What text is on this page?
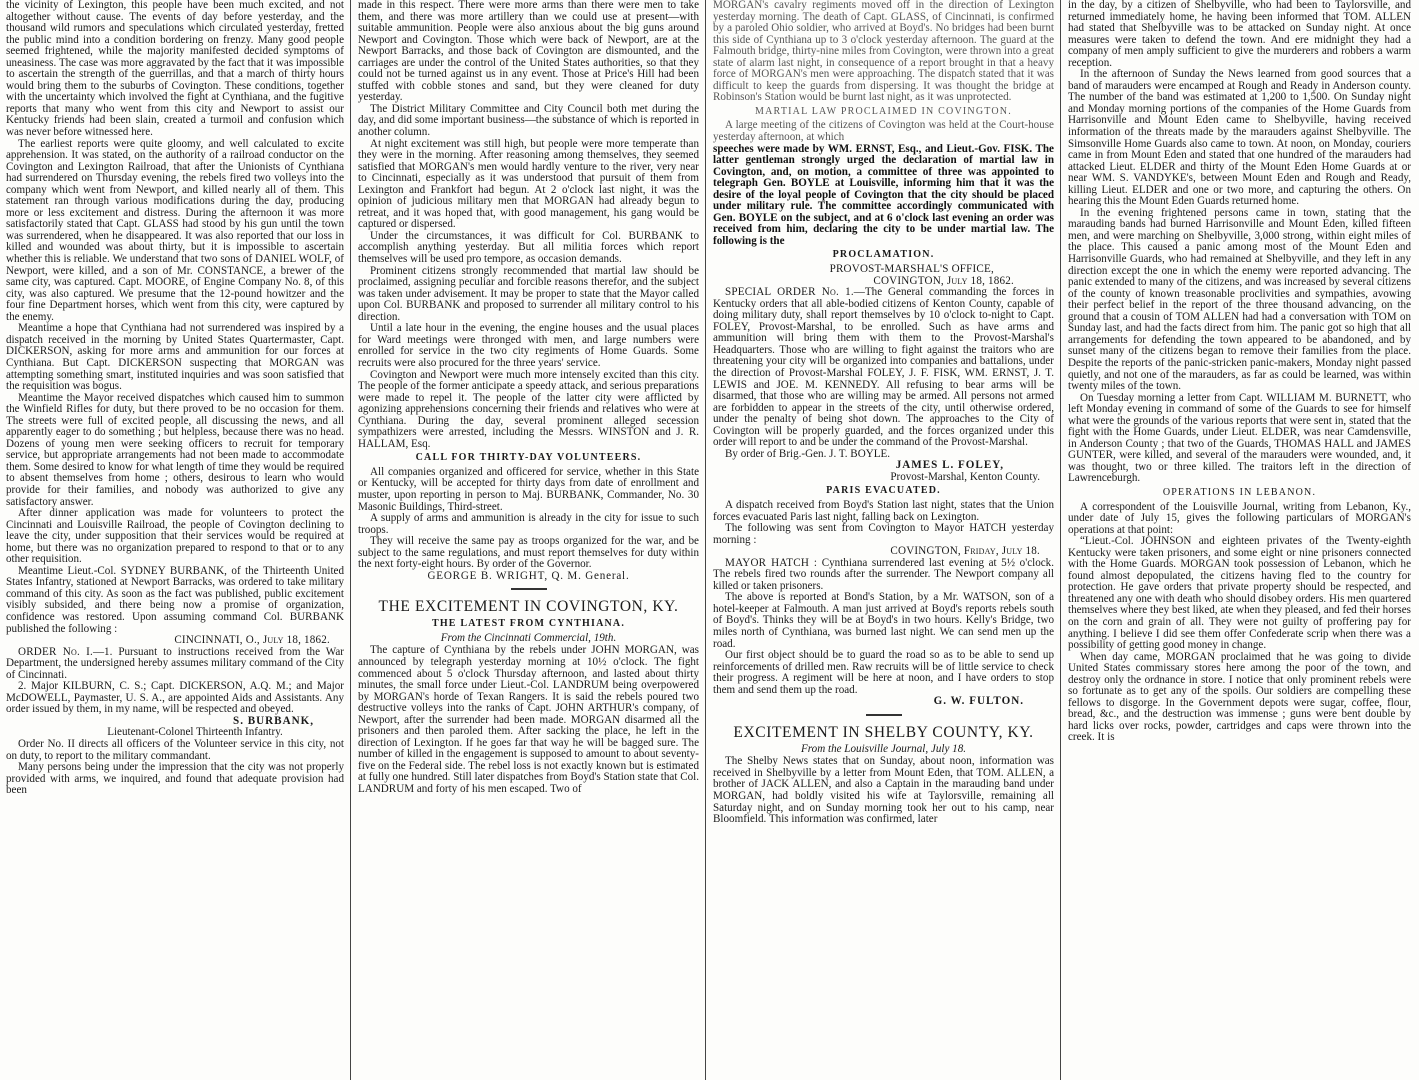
the vicinity of Lexington, this people have been much excited, and not altogether without cause. The events of day before yesterday, and the thousand wild rumors and speculations which circulated yesterday, fretted the public mind into a condition bordering on frenzy. Many good people seemed frightened, while the majority manifested decided symptoms of uneasiness. The case was more aggravated by the fact that it was impossible to ascertain the strength of the guerrillas, and that a march of thirty hours would bring them to the suburbs of Covington. These conditions, together with the uncertainty which involved the fight at Cynthiana, and the fugitive reports that many who went from this city and Newport to assist our Kentucky friends had been slain, created a turmoil and confusion which was never before witnessed here.

The earliest reports were quite gloomy, and well calculated to excite apprehension. It was stated, on the authority of a railroad conductor on the Covington and Lexington Railroad, that after the Unionists of Cynthiana had surrendered on Thursday evening, the rebels fired two volleys into the company which went from Newport, and killed nearly all of them. This statement ran through various modifications during the day, producing more or less excitement and distress. During the afternoon it was more satisfactorily stated that Capt. GLASS had stood by his gun until the town was surrendered, when he disappeared. It was also reported that our loss in killed and wounded was about thirty, but it is impossible to ascertain whether this is reliable. We understand that two sons of DANIEL WOLF, of Newport, were killed, and a son of Mr. CONSTANCE, a brewer of the same city, was captured. Capt. MOORE, of Engine Company No. 8, of this city, was also captured. We presume that the 12-pound howitzer and the four fine Department horses, which went from this city, were captured by the enemy.

Meantime a hope that Cynthiana had not surrendered was inspired by a dispatch received in the morning by United States Quartermaster, Capt. DICKERSON, asking for more arms and ammunition for our forces at Cynthiana. But Capt. DICKERSON suspecting that MORGAN was attempting something smart, instituted inquiries and was soon satisfied that the requisition was bogus.

Meantime the Mayor received dispatches which caused him to summon the Winfield Rifles for duty, but there proved to be no occasion for them. The streets were full of excited people, all discussing the news, and all apparently eager to do something ; but helpless, because there was no head. Dozens of young men were seeking officers to recruit for temporary service, but appropriate arrangements had not been made to accommodate them. Some desired to know for what length of time they would be required to absent themselves from home ; others, desirous to learn who would provide for their families, and nobody was authorized to give any satisfactory answer.

After dinner application was made for volunteers to protect the Cincinnati and Louisville Railroad, the people of Covington declining to leave the city, under supposition that their services would be required at home, but there was no organization prepared to respond to that or to any other requisition.

Meantime Lieut.-Col. SYDNEY BURBANK, of the Thirteenth United States Infantry, stationed at Newport Barracks, was ordered to take military command of this city. As soon as the fact was published, public excitement visibly subsided, and there being now a promise of organization, confidence was restored. Upon assuming command Col. BURBANK published the following :

CINCINNATI, O., July 18, 1862.

ORDER No. I.—1. Pursuant to instructions received from the War Department, the undersigned hereby assumes military command of the City of Cincinnati.

2. Major KILBURN, C. S.; Capt. DICKERSON, A.Q. M.; and Major McDOWELL, Paymaster, U. S. A., are appointed Aids and Assistants. Any order issued by them, in my name, will be respected and obeyed.

S. BURBANK,

Lieutenant-Colonel Thirteenth Infantry.

Order No. II directs all officers of the Volunteer service in this city, not on duty, to report to the military commandant.

Many persons being under the impression that the city was not properly provided with arms, we inquired, and found that adequate provision had been

made in this respect. There were more arms than there were men to take them, and there was more artillery than we could use at present—with suitable ammunition. People were also anxious about the big guns around Newport and Covington. Those which were back of Newport, are at the Newport Barracks, and those back of Covington are dismounted, and the carriages are under the control of the United States authorities, so that they could not be turned against us in any event. Those at Price's Hill had been stuffed with cobble stones and sand, but they were cleaned for duty yesterday.

The District Military Committee and City Council both met during the day, and did some important business—the substance of which is reported in another column.

At night excitement was still high, but people were more temperate than they were in the morning. After reasoning among themselves, they seemed satisfied that MORGAN's men would hardly venture to the river, very near to Cincinnati, especially as it was understood that pursuit of them from Lexington and Frankfort had begun. At 2 o'clock last night, it was the opinion of judicious military men that MORGAN had already begun to retreat, and it was hoped that, with good management, his gang would be captured or dispersed.

Under the circumstances, it was difficult for Col. BURBANK to accomplish anything yesterday. But all militia forces which report themselves will be used pro tempore, as occasion demands.

Prominent citizens strongly recommended that martial law should be proclaimed, assigning peculiar and forcible reasons therefor, and the subject was taken under advisement. It may be proper to state that the Mayor called upon Col. BURBANK and proposed to surrender all military control to his direction.

Until a late hour in the evening, the engine houses and the usual places for Ward meetings were thronged with men, and large numbers were enrolled for service in the two city regiments of Home Guards. Some recruits were also procured for the three years' service.

Covington and Newport were much more intensely excited than this city. The people of the former anticipate a speedy attack, and serious preparations were made to repel it. The people of the latter city were afflicted by agonizing apprehensions concerning their friends and relatives who were at Cynthiana. During the day, several prominent alleged secession sympathizers were arrested, including the Messrs. WINSTON and J. R. HALLAM, Esq.

CALL FOR THIRTY-DAY VOLUNTEERS.

All companies organized and officered for service, whether in this State or Kentucky, will be accepted for thirty days from date of enrollment and muster, upon reporting in person to Maj. BURBANK, Commander, No. 30 Masonic Buildings, Third-street.

A supply of arms and ammunition is already in the city for issue to such troops.

They will receive the same pay as troops organized for the war, and be subject to the same regulations, and must report themselves for duty within the next forty-eight hours. By order of the Governor.

GEORGE B. WRIGHT, Q. M. General.

THE EXCITEMENT IN COVINGTON, KY.

THE LATEST FROM CYNTHIANA.

From the Cincinnati Commercial, 19th.

The capture of Cynthiana by the rebels under JOHN MORGAN, was announced by telegraph yesterday morning at 10½ o'clock. The fight commenced about 5 o'clock Thursday afternoon, and lasted about thirty minutes, the small force under Lieut.-Col. LANDRUM being overpowered by MORGAN's horde of Texan Rangers. It is said the rebels poured two destructive volleys into the ranks of Capt. JOHN ARTHUR's company, of Newport, after the surrender had been made. MORGAN disarmed all the prisoners and then paroled them. After sacking the place, he left in the direction of Lexington. If he goes far that way he will be bagged sure. The number of killed in the engagement is supposed to amount to about seventy-five on the Federal side. The rebel loss is not exactly known but is estimated at fully one hundred. Still later dispatches from Boyd's Station state that Col. LANDRUM and forty of his men escaped. Two of

MORGAN's cavalry regiments moved off in the direction of Lexington yesterday morning. The death of Capt. GLASS, of Cincinnati, is confirmed by a paroled Ohio soldier, who arrived at Boyd's. No bridges had been burnt this side of Cynthiana up to 3 o'clock yesterday afternoon. The guard at the Falmouth bridge, thirty-nine miles from Covington, were thrown into a great state of alarm last night, in consequence of a report brought in that a heavy force of MORGAN's men were approaching. The dispatch stated that it was difficult to keep the guards from dispersing. It was thought the bridge at Robinson's Station would be burnt last night, as it was unprotected.

MARTIAL LAW PROCLAIMED IN COVINGTON.

A large meeting of the citizens of Covington was held at the Court-house yesterday afternoon, at which

speeches were made by WM. ERNST, Esq., and Lieut.-Gov. FISK. The latter gentleman strongly urged the declaration of martial law in Covington, and, on motion, a committee of three was appointed to telegraph Gen. BOYLE at Louisville, informing him that it was the desire of the loyal people of Covington that the city should be placed under military rule. The committee accordingly communicated with Gen. BOYLE on the subject, and at 6 o'clock last evening an order was received from him, declaring the city to be under martial law. The following is the

PROCLAMATION.

PROVOST-MARSHAL'S OFFICE,

COVINGTON, July 18, 1862.

SPECIAL ORDER No. 1.—The General commanding the forces in Kentucky orders that all able-bodied citizens of Kenton County, capable of doing military duty, shall report themselves by 10 o'clock to-night to Capt. FOLEY, Provost-Marshal, to be enrolled. Such as have arms and ammunition will bring them with them to the Provost-Marshal's Headquarters. Those who are willing to fight against the traitors who are threatening your city will be organized into companies and battalions, under the direction of Provost-Marshal FOLEY, J. F. FISK, WM. ERNST, J. T. LEWIS and JOE. M. KENNEDY. All refusing to bear arms will be disarmed, that those who are willing may be armed. All persons not armed are forbidden to appear in the streets of the city, until otherwise ordered, under the penalty of being shot down. The approaches to the City of Covington will be properly guarded, and the forces organized under this order will report to and be under the command of the Provost-Marshal.

By order of Brig.-Gen. J. T. BOYLE.

JAMES L. FOLEY,

Provost-Marshal, Kenton County.

PARIS EVACUATED.

A dispatch received from Boyd's Station last night, states that the Union forces evacuated Paris last night, falling back on Lexington.

The following was sent from Covington to Mayor HATCH yesterday morning :

COVINGTON, Friday, July 18.

MAYOR HATCH : Cynthiana surrendered last evening at 5½ o'clock. The rebels fired two rounds after the surrender. The Newport company all killed or taken prisoners.

The above is reported at Bond's Station, by a Mr. WATSON, son of a hotel-keeper at Falmouth. A man just arrived at Boyd's reports rebels south of Boyd's. Thinks they will be at Boyd's in two hours. Kelly's Bridge, two miles north of Cynthiana, was burned last night. We can send men up the road.

Our first object should be to guard the road so as to be able to send up reinforcements of drilled men. Raw recruits will be of little service to check their progress. A regiment will be here at noon, and I have orders to stop them and send them up the road.

G. W. FULTON.

EXCITEMENT IN SHELBY COUNTY, KY.

From the Louisville Journal, July 18.

The Shelby News states that on Sunday, about noon, information was received in Shelbyville by a letter from Mount Eden, that TOM. ALLEN, a brother of JACK ALLEN, and also a Captain in the marauding band under MORGAN, had boldly visited his wife at Taylorsville, remaining all Saturday night, and on Sunday morning took her out to his camp, near Bloomfield. This information was confirmed, later

in the day, by a citizen of Shelbyville, who had been to Taylorsville, and returned immediately home, he having been informed that TOM. ALLEN had stated that Shelbyville was to be attacked on Sunday night. At once measures were taken to defend the town. And ere midnight they had a company of men amply sufficient to give the murderers and robbers a warm reception.

In the afternoon of Sunday the News learned from good sources that a band of marauders were encamped at Rough and Ready in Anderson county. The number of the band was estimated at 1,200 to 1,500. On Sunday night and Monday morning portions of the companies of the Home Guards from Harrisonville and Mount Eden came to Shelbyville, having received information of the threats made by the marauders against Shelbyville. The Simsonville Home Guards also came to town. At noon, on Monday, couriers came in from Mount Eden and stated that one hundred of the marauders had attacked Lieut. ELDER and thirty of the Mount Eden Home Guards at or near WM. S. VANDYKE's, between Mount Eden and Rough and Ready, killing Lieut. ELDER and one or two more, and capturing the others. On hearing this the Mount Eden Guards returned home.

In the evening frightened persons came in town, stating that the marauding bands had burned Harrisonville and Mount Eden, killed fifteen men, and were marching on Shelbyville, 3,000 strong, within eight miles of the place. This caused a panic among most of the Mount Eden and Harrisonville Guards, who had remained at Shelbyville, and they left in any direction except the one in which the enemy were reported advancing. The panic extended to many of the citizens, and was increased by several citizens of the county of known treasonable proclivities and sympathies, avowing their perfect belief in the report of the three thousand advancing, on the ground that a cousin of TOM ALLEN had had a conversation with TOM on Sunday last, and had the facts direct from him. The panic got so high that all arrangements for defending the town appeared to be abandoned, and by sunset many of the citizens began to remove their families from the place. Despite the reports of the panic-stricken panic-makers, Monday night passed quietly, and not one of the marauders, as far as could be learned, was within twenty miles of the town.

On Tuesday morning a letter from Capt. WILLIAM M. BURNETT, who left Monday evening in command of some of the Guards to see for himself what were the grounds of the various reports that were sent in, stated that the fight with the Home Guards, under Lieut. ELDER, was near Camdensville, in Anderson County ; that two of the Guards, THOMAS HALL and JAMES GUNTER, were killed, and several of the marauders were wounded, and, it was thought, two or three killed. The traitors left in the direction of Lawrenceburgh.

OPERATIONS IN LEBANON.

A correspondent of the Louisville Journal, writing from Lebanon, Ky., under date of July 15, gives the following particulars of MORGAN's operations at that point:

“Lieut.-Col. JOHNSON and eighteen privates of the Twenty-eighth Kentucky were taken prisoners, and some eight or nine prisoners connected with the Home Guards. MORGAN took possession of Lebanon, which he found almost depopulated, the citizens having fled to the country for protection. He gave orders that private property should be respected, and threatened any one with death who should disobey orders. His men quartered themselves where they best liked, ate when they pleased, and fed their horses on the corn and grain of all. They were not guilty of proffering pay for anything. I believe I did see them offer Confederate scrip when there was a possibility of getting good money in change.

When day came, MORGAN proclaimed that he was going to divide United States commissary stores here among the poor of the town, and destroy only the ordnance in store. I notice that only prominent rebels were so fortunate as to get any of the spoils. Our soldiers are compelling these fellows to disgorge. In the Government depots were sugar, coffee, flour, bread, &c., and the destruction was immense ; guns were bent double by hard licks over rocks, powder, cartridges and caps were thrown into the creek. It is
